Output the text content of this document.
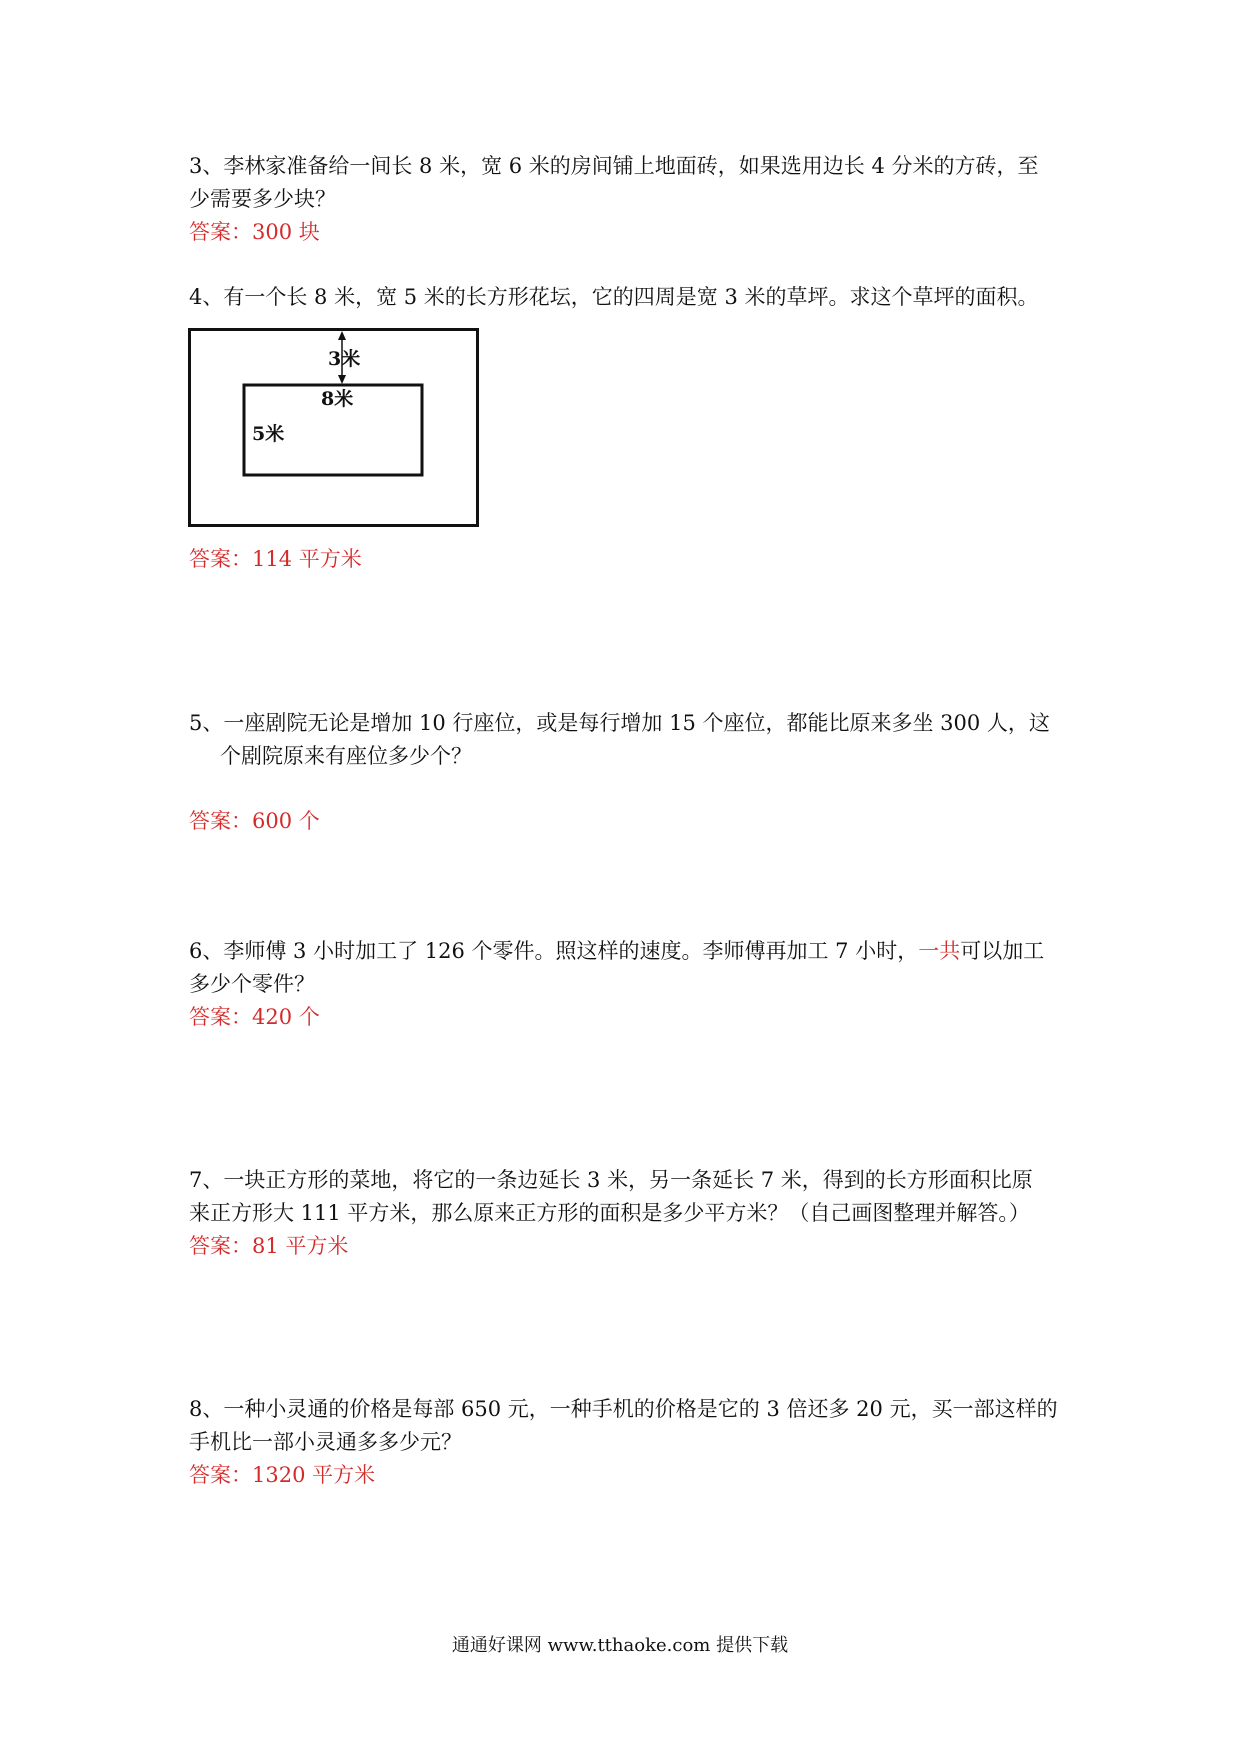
3、李林家准备给一间长 8 米，宽 6 米的房间铺上地面砖，如果选用边长 4 分米的方砖，至
少需要多少块？
答案：300 块
4、有一个长 8 米，宽 5 米的长方形花坛，它的四周是宽 3 米的草坪。求这个草坪的面积。
3米
8米
5米
答案：114 平方米
5、一座剧院无论是增加 10 行座位，或是每行增加 15 个座位，都能比原来多坐 300 人，这
个剧院原来有座位多少个？
答案：600 个
6、李师傅 3 小时加工了 126 个零件。照这样的速度。李师傅再加工 7 小时，一共可以加工
多少个零件？
答案：420 个
7、一块正方形的菜地，将它的一条边延长 3 米，另一条延长 7 米，得到的长方形面积比原
来正方形大 111 平方米，那么原来正方形的面积是多少平方米？（自己画图整理并解答。）
答案：81 平方米
8、一种小灵通的价格是每部 650 元，一种手机的价格是它的 3 倍还多 20 元，买一部这样的
手机比一部小灵通多多少元？
答案：1320 平方米
通通好课网 www.tthaoke.com 提供下载
